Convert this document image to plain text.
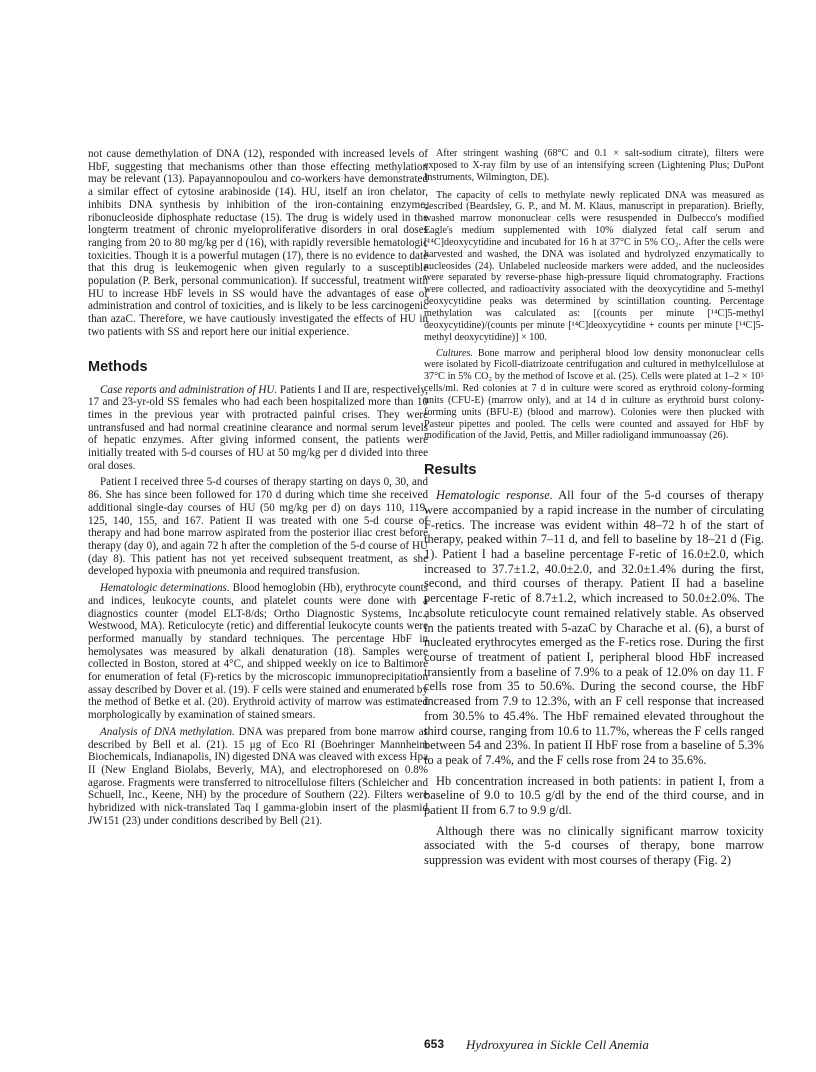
not cause demethylation of DNA (12), responded with increased levels of HbF, suggesting that mechanisms other than those effecting methylation may be relevant (13). Papayannopoulou and co-workers have demonstrated a similar effect of cytosine arabinoside (14). HU, itself an iron chelator, inhibits DNA synthesis by inhibition of the iron-containing enzyme, ribonucleoside diphosphate reductase (15). The drug is widely used in the longterm treatment of chronic myeloproliferative disorders in oral doses ranging from 20 to 80 mg/kg per d (16), with rapidly reversible hematologic toxicities. Though it is a powerful mutagen (17), there is no evidence to date that this drug is leukemogenic when given regularly to a susceptible population (P. Berk, personal communication). If successful, treatment with HU to increase HbF levels in SS would have the advantages of ease of administration and control of toxicities, and is likely to be less carcinogenic than azaC. Therefore, we have cautiously investigated the effects of HU in two patients with SS and report here our initial experience.

Methods

Case reports and administration of HU. Patients I and II are, respectively, 17 and 23-yr-old SS females who had each been hospitalized more than 10 times in the previous year with protracted painful crises. They were untransfused and had normal creatinine clearance and normal serum levels of hepatic enzymes. After giving informed consent, the patients were initially treated with 5-d courses of HU at 50 mg/kg per d divided into three oral doses.

Patient I received three 5-d courses of therapy starting on days 0, 30, and 86. She has since been followed for 170 d during which time she received additional single-day courses of HU (50 mg/kg per d) on days 110, 119, 125, 140, 155, and 167. Patient II was treated with one 5-d course of therapy and had bone marrow aspirated from the posterior iliac crest before therapy (day 0), and again 72 h after the completion of the 5-d course of HU (day 8). This patient has not yet received subsequent treatment, as she developed hypoxia with pneumonia and required transfusion.

Hematologic determinations. Blood hemoglobin (Hb), erythrocyte counts and indices, leukocyte counts, and platelet counts were done with a diagnostics counter (model ELT-8/ds; Ortho Diagnostic Systems, Inc., Westwood, MA). Reticulocyte (retic) and differential leukocyte counts were performed manually by standard techniques. The percentage HbF in hemolysates was measured by alkali denaturation (18). Samples were collected in Boston, stored at 4°C, and shipped weekly on ice to Baltimore for enumeration of fetal (F)-retics by the microscopic immunoprecipitation assay described by Dover et al. (19). F cells were stained and enumerated by the method of Betke et al. (20). Erythroid activity of marrow was estimated morphologically by examination of stained smears.

Analysis of DNA methylation. DNA was prepared from bone marrow as described by Bell et al. (21). 15 μg of Eco RI (Boehringer Mannheim Biochemicals, Indianapolis, IN) digested DNA was cleaved with excess Hpa II (New England Biolabs, Beverly, MA), and electrophoresed on 0.8% agarose. Fragments were transferred to nitrocellulose filters (Schleicher and Schuell, Inc., Keene, NH) by the procedure of Southern (22). Filters were hybridized with nick-translated Taq I gamma-globin insert of the plasmid JW151 (23) under conditions described by Bell (21).

After stringent washing (68°C and 0.1 × salt-sodium citrate), filters were exposed to X-ray film by use of an intensifying screen (Lightening Plus; DuPont Instruments, Wilmington, DE).

The capacity of cells to methylate newly replicated DNA was measured as described (Beardsley, G. P., and M. M. Klaus, manuscript in preparation). Briefly, washed marrow mononuclear cells were resuspended in Dulbecco's modified Eagle's medium supplemented with 10% dialyzed fetal calf serum and [¹⁴C]deoxycytidine and incubated for 16 h at 37°C in 5% CO₂. After the cells were harvested and washed, the DNA was isolated and hydrolyzed enzymatically to nucleosides (24). Unlabeled nucleoside markers were added, and the nucleosides were separated by reverse-phase high-pressure liquid chromatography. Fractions were collected, and radioactivity associated with the deoxycytidine and 5-methyl deoxycytidine peaks was determined by scintillation counting. Percentage methylation was calculated as: [(counts per minute [¹⁴C]5-methyl deoxycytidine)/(counts per minute [¹⁴C]deoxycytidine + counts per minute [¹⁴C]5-methyl deoxycytidine)] × 100.

Cultures. Bone marrow and peripheral blood low density mononuclear cells were isolated by Ficoll-diatrizoate centrifugation and cultured in methylcellulose at 37°C in 5% CO₂ by the method of Iscove et al. (25). Cells were plated at 1–2 × 10⁵ cells/ml. Red colonies at 7 d in culture were scored as erythroid colony-forming units (CFU-E) (marrow only), and at 14 d in culture as erythroid burst colony-forming units (BFU-E) (blood and marrow). Colonies were then plucked with Pasteur pipettes and pooled. The cells were counted and assayed for HbF by modification of the Javid, Pettis, and Miller radioligand immunoassay (26).

Results

Hematologic response. All four of the 5-d courses of therapy were accompanied by a rapid increase in the number of circulating F-retics. The increase was evident within 48–72 h of the start of therapy, peaked within 7–11 d, and fell to baseline by 18–21 d (Fig. 1). Patient I had a baseline percentage F-retic of 16.0±2.0, which increased to 37.7±1.2, 40.0±2.0, and 32.0±1.4% during the first, second, and third courses of therapy. Patient II had a baseline percentage F-retic of 8.7±1.2, which increased to 50.0±2.0%. The absolute reticulocyte count remained relatively stable. As observed in the patients treated with 5-azaC by Charache et al. (6), a burst of nucleated erythrocytes emerged as the F-retics rose. During the first course of treatment of patient I, peripheral blood HbF increased transiently from a baseline of 7.9% to a peak of 12.0% on day 11. F cells rose from 35 to 50.6%. During the second course, the HbF increased from 7.9 to 12.3%, with an F cell response that increased from 30.5% to 45.4%. The HbF remained elevated throughout the third course, ranging from 10.6 to 11.7%, whereas the F cells ranged between 54 and 23%. In patient II HbF rose from a baseline of 5.3% to a peak of 7.4%, and the F cells rose from 24 to 35.6%.

Hb concentration increased in both patients: in patient I, from a baseline of 9.0 to 10.5 g/dl by the end of the third course, and in patient II from 6.7 to 9.9 g/dl.

Although there was no clinically significant marrow toxicity associated with the 5-d courses of therapy, bone marrow suppression was evident with most courses of therapy (Fig. 2)

653 Hydroxyurea in Sickle Cell Anemia
